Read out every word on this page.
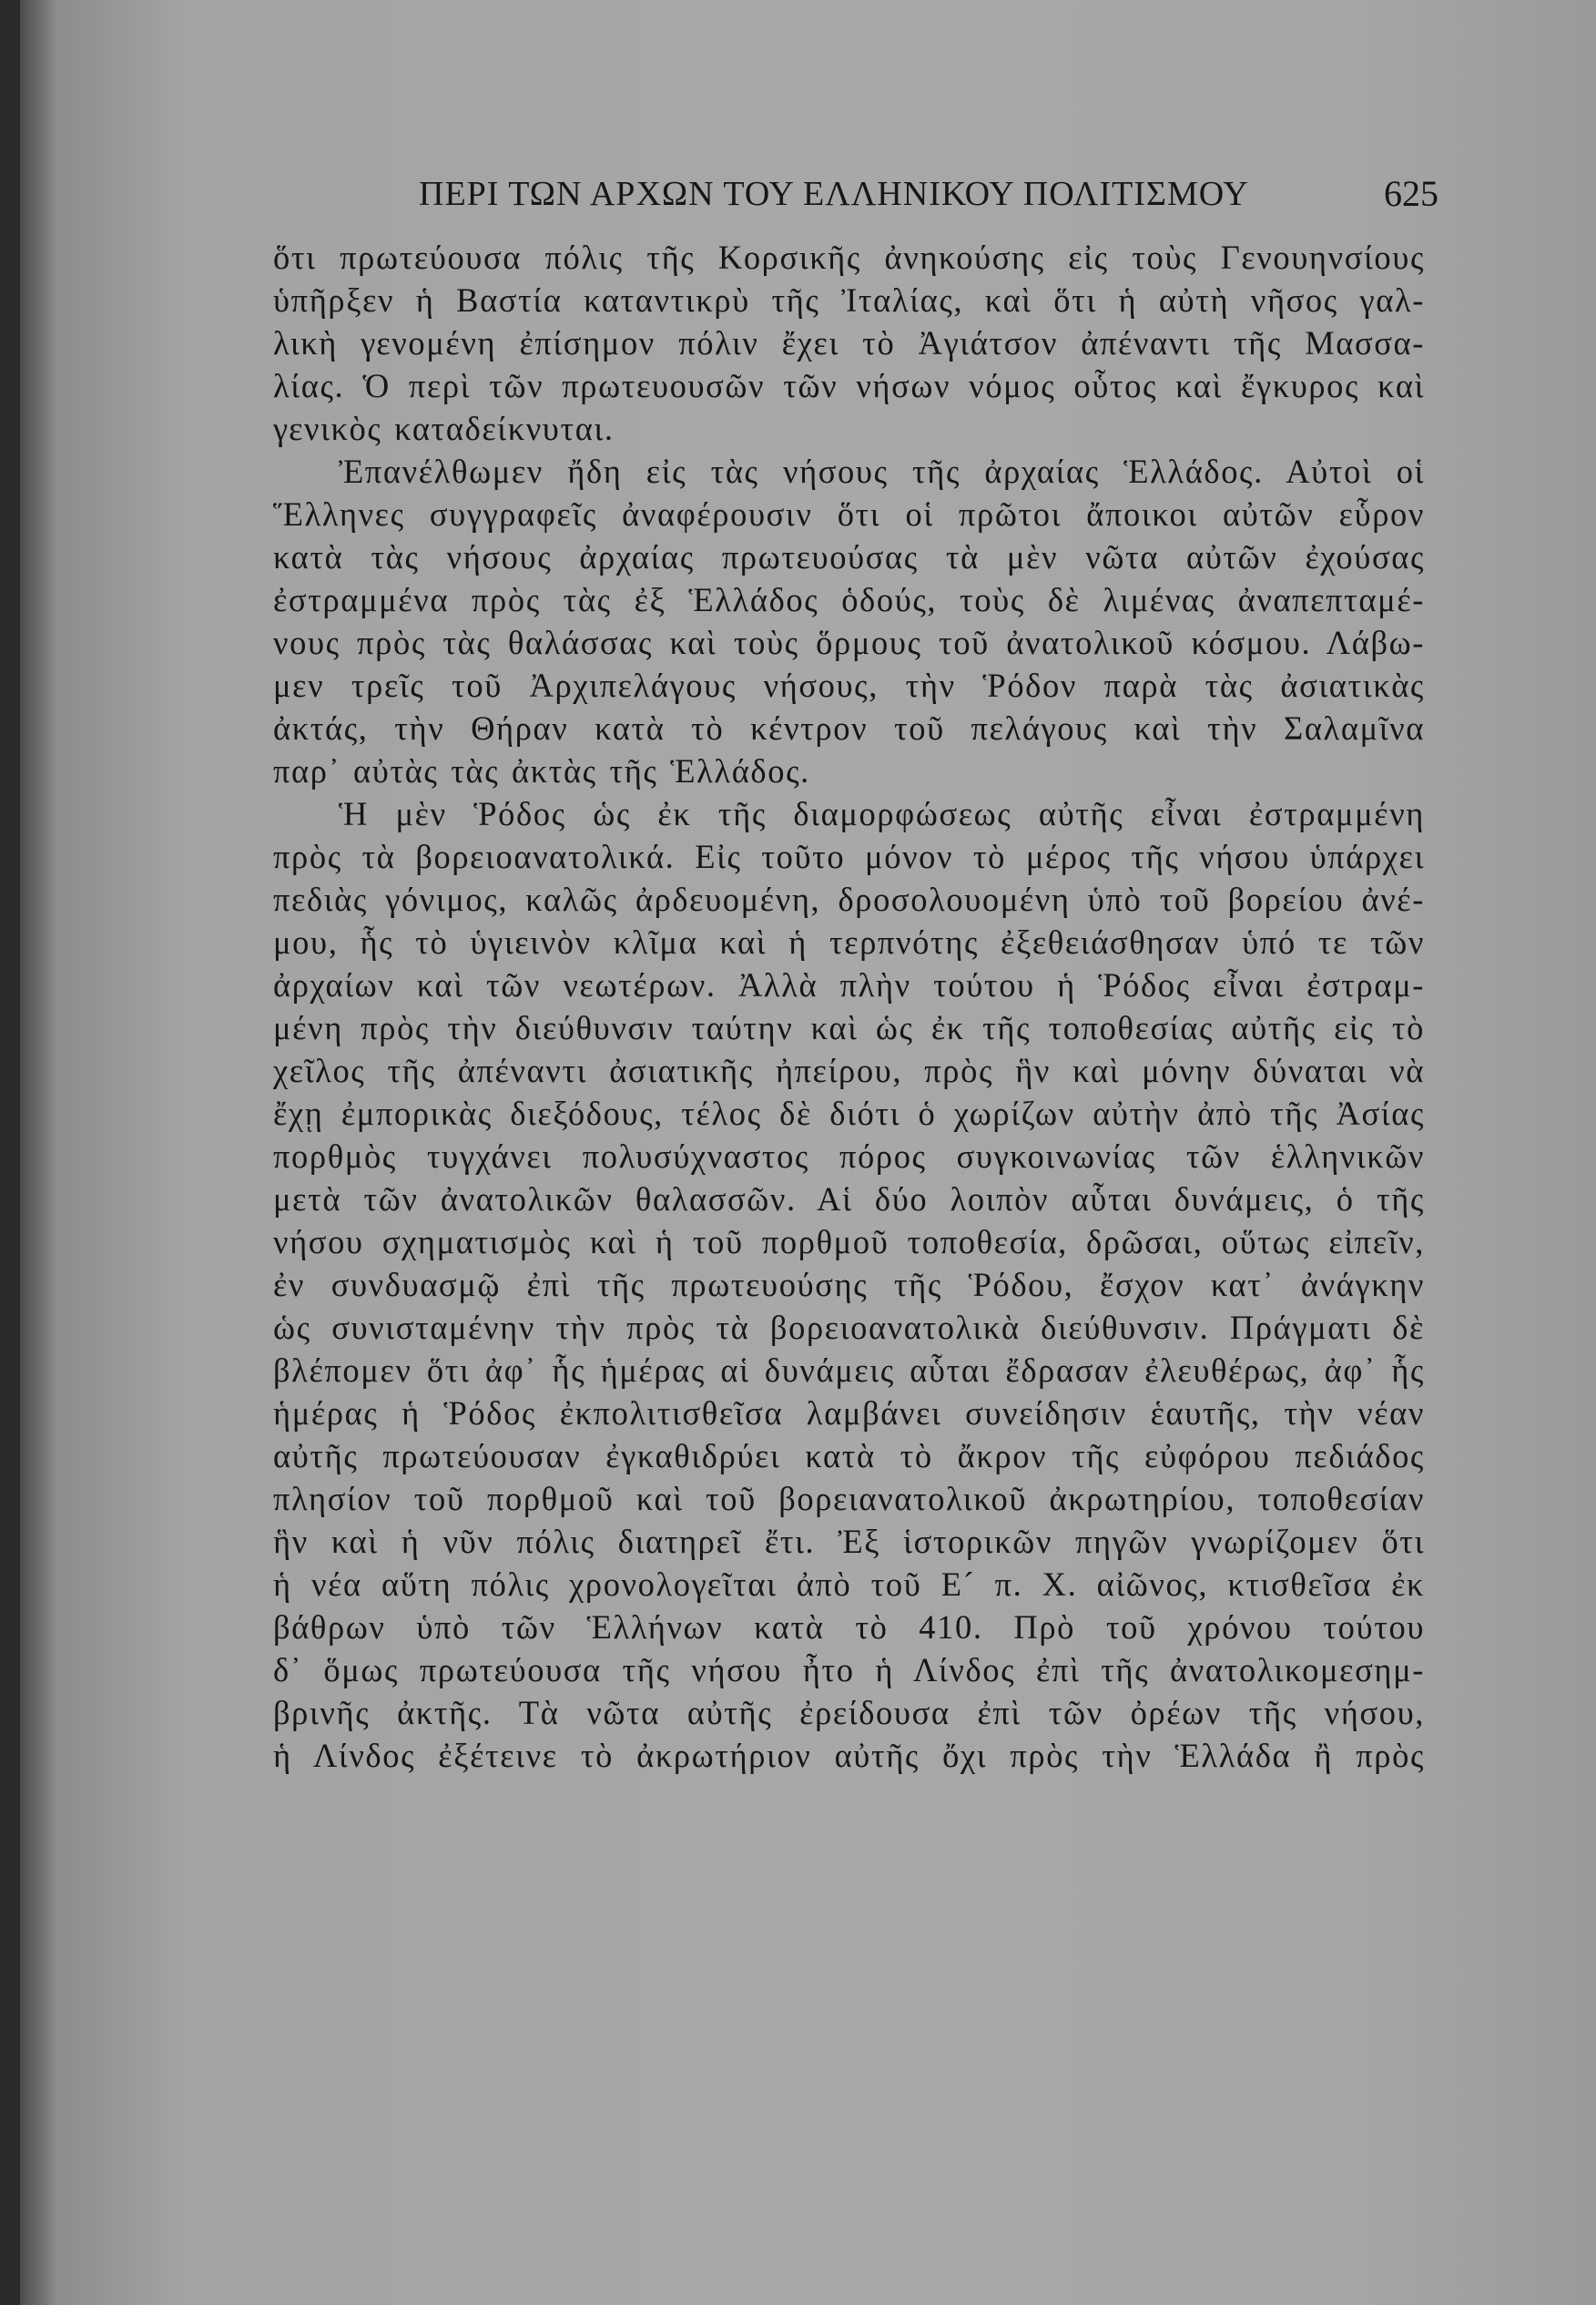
ΠΕΡΙ ΤΩΝ ΑΡΧΩΝ ΤΟΥ ΕΛΛΗΝΙΚΟΥ ΠΟΛΙΤΙΣΜΟΥ	625
ὅτι πρωτεύουσα πόλις τῆς Κορσικῆς ἀνηκούσης εἰς τοὺς Γενουηνσίους
ὑπῆρξεν ἡ Βαστία καταντικρὺ τῆς Ἰταλίας, καὶ ὅτι ἡ αὐτὴ νῆσος γαλ-
λικὴ γενομένη ἐπίσημον πόλιν ἔχει τὸ Ἀγιάτσον ἀπέναντι τῆς Μασσα-
λίας. Ὁ περὶ τῶν πρωτευουσῶν τῶν νήσων νόμος οὗτος καὶ ἔγκυρος καὶ
γενικὸς καταδείκνυται.
Ἐπανέλθωμεν ἤδη εἰς τὰς νήσους τῆς ἀρχαίας Ἑλλάδος. Αὐτοὶ οἱ
Ἕλληνες συγγραφεῖς ἀναφέρουσιν ὅτι οἱ πρῶτοι ἄποικοι αὐτῶν εὗρον
κατὰ τὰς νήσους ἀρχαίας πρωτευούσας τὰ μὲν νῶτα αὐτῶν ἐχούσας
ἐστραμμένα πρὸς τὰς ἐξ Ἑλλάδος ὁδούς, τοὺς δὲ λιμένας ἀναπεπταμέ-
νους πρὸς τὰς θαλάσσας καὶ τοὺς ὅρμους τοῦ ἀνατολικοῦ κόσμου. Λάβω-
μεν τρεῖς τοῦ Ἀρχιπελάγους νήσους, τὴν Ῥόδον παρὰ τὰς ἀσιατικὰς
ἀκτάς, τὴν Θήραν κατὰ τὸ κέντρον τοῦ πελάγους καὶ τὴν Σαλαμῖνα
παρ᾽ αὐτὰς τὰς ἀκτὰς τῆς Ἑλλάδος.
Ἡ μὲν Ῥόδος ὡς ἐκ τῆς διαμορφώσεως αὐτῆς εἶναι ἐστραμμένη
πρὸς τὰ βορειοανατολικά. Εἰς τοῦτο μόνον τὸ μέρος τῆς νήσου ὑπάρχει
πεδιὰς γόνιμος, καλῶς ἀρδευομένη, δροσολουομένη ὑπὸ τοῦ βορείου ἀνέ-
μου, ἧς τὸ ὑγιεινὸν κλῖμα καὶ ἡ τερπνότης ἐξεθειάσθησαν ὑπό τε τῶν
ἀρχαίων καὶ τῶν νεωτέρων. Ἀλλὰ πλὴν τούτου ἡ Ῥόδος εἶναι ἐστραμ-
μένη πρὸς τὴν διεύθυνσιν ταύτην καὶ ὡς ἐκ τῆς τοποθεσίας αὐτῆς εἰς τὸ
χεῖλος τῆς ἀπέναντι ἀσιατικῆς ἠπείρου, πρὸς ἣν καὶ μόνην δύναται νὰ
ἔχῃ ἐμπορικὰς διεξόδους, τέλος δὲ διότι ὁ χωρίζων αὐτὴν ἀπὸ τῆς Ἀσίας
πορθμὸς τυγχάνει πολυσύχναστος πόρος συγκοινωνίας τῶν ἑλληνικῶν
μετὰ τῶν ἀνατολικῶν θαλασσῶν. Αἱ δύο λοιπὸν αὗται δυνάμεις, ὁ τῆς
νήσου σχηματισμὸς καὶ ἡ τοῦ πορθμοῦ τοποθεσία, δρῶσαι, οὕτως εἰπεῖν,
ἐν συνδυασμῷ ἐπὶ τῆς πρωτευούσης τῆς Ῥόδου, ἔσχον κατ᾽ ἀνάγκην
ὡς συνισταμένην τὴν πρὸς τὰ βορειοανατολικὰ διεύθυνσιν. Πράγματι δὲ
βλέπομεν ὅτι ἀφ᾽ ἧς ἡμέρας αἱ δυνάμεις αὗται ἔδρασαν ἐλευθέρως, ἀφ᾽ ἧς
ἡμέρας ἡ Ῥόδος ἐκπολιτισθεῖσα λαμβάνει συνείδησιν ἑαυτῆς, τὴν νέαν
αὐτῆς πρωτεύουσαν ἐγκαθιδρύει κατὰ τὸ ἄκρον τῆς εὐφόρου πεδιάδος
πλησίον τοῦ πορθμοῦ καὶ τοῦ βορειανατολικοῦ ἀκρωτηρίου, τοποθεσίαν
ἣν καὶ ἡ νῦν πόλις διατηρεῖ ἔτι. Ἐξ ἱστορικῶν πηγῶν γνωρίζομεν ὅτι
ἡ νέα αὕτη πόλις χρονολογεῖται ἀπὸ τοῦ Ε´ π. Χ. αἰῶνος, κτισθεῖσα ἐκ
βάθρων ὑπὸ τῶν Ἑλλήνων κατὰ τὸ 410. Πρὸ τοῦ χρόνου τούτου
δ᾽ ὅμως πρωτεύουσα τῆς νήσου ἦτο ἡ Λίνδος ἐπὶ τῆς ἀνατολικομεσημ-
βρινῆς ἀκτῆς. Τὰ νῶτα αὐτῆς ἐρείδουσα ἐπὶ τῶν ὀρέων τῆς νήσου,
ἡ Λίνδος ἐξέτεινε τὸ ἀκρωτήριον αὐτῆς ὄχι πρὸς τὴν Ἑλλάδα ἢ πρὸς
